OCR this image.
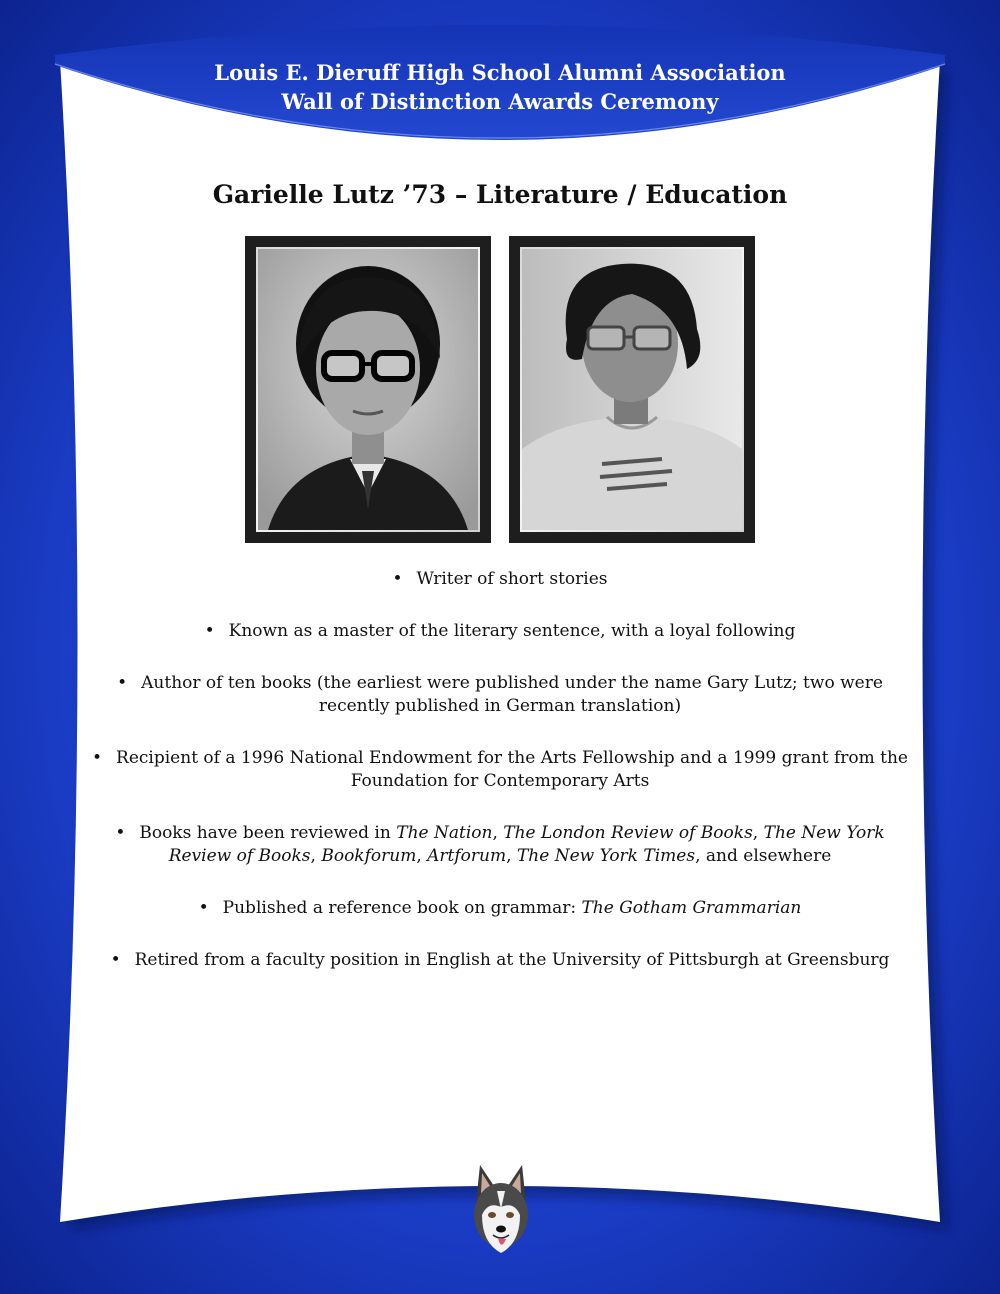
Louis E. Dieruff High School Alumni Association
Wall of Distinction Awards Ceremony
Garielle Lutz ’73 – Literature / Education
• Writer of short stories
• Known as a master of the literary sentence, with a loyal following
• Author of ten books (the earliest were published under the name Gary Lutz; two were recently published in German translation)
• Recipient of a 1996 National Endowment for the Arts Fellowship and a 1999 grant from the Foundation for Contemporary Arts
• Books have been reviewed in The Nation, The London Review of Books, The New York Review of Books, Bookforum, Artforum, The New York Times, and elsewhere
• Published a reference book on grammar: The Gotham Grammarian
• Retired from a faculty position in English at the University of Pittsburgh at Greensburg
